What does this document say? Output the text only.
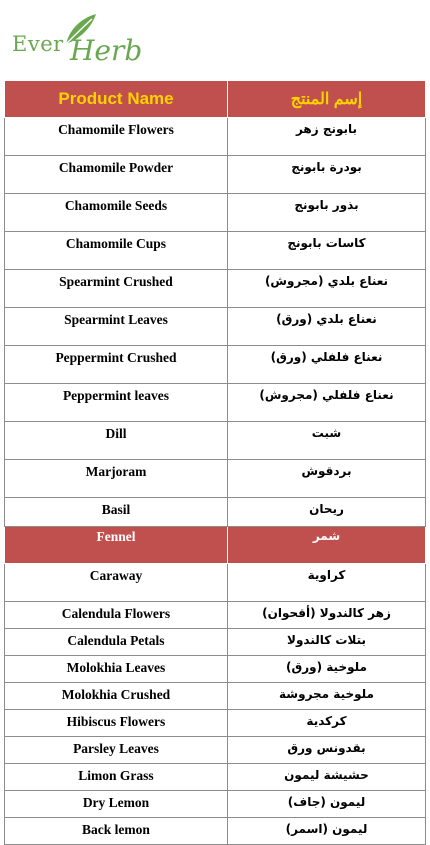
Ever Herb
Product Name	إسم المنتج
Chamomile Flowers	بابونج زهر
Chamomile Powder	بودرة بابونج
Chamomile Seeds	بذور بابونج
Chamomile Cups	كاسات بابونج
Spearmint Crushed	نعناع بلدي (مجروش)
Spearmint Leaves	نعناع بلدي (ورق)
Peppermint Crushed	نعناع فلفلي (ورق)
Peppermint leaves	نعناع فلفلي (مجروش)
Dill	شبت
Marjoram	بردقوش
Basil	ريحان
Fennel	شمر
Caraway	كراوية
Calendula Flowers	زهر كالندولا (أقحوان)
Calendula Petals	بتلات كالندولا
Molokhia Leaves	ملوخية (ورق)
Molokhia Crushed	ملوخية مجروشة
Hibiscus Flowers	كركدية
Parsley Leaves	بقدونس ورق
Limon Grass	حشيشة ليمون
Dry Lemon	ليمون (جاف)
Back lemon	ليمون (اسمر)
